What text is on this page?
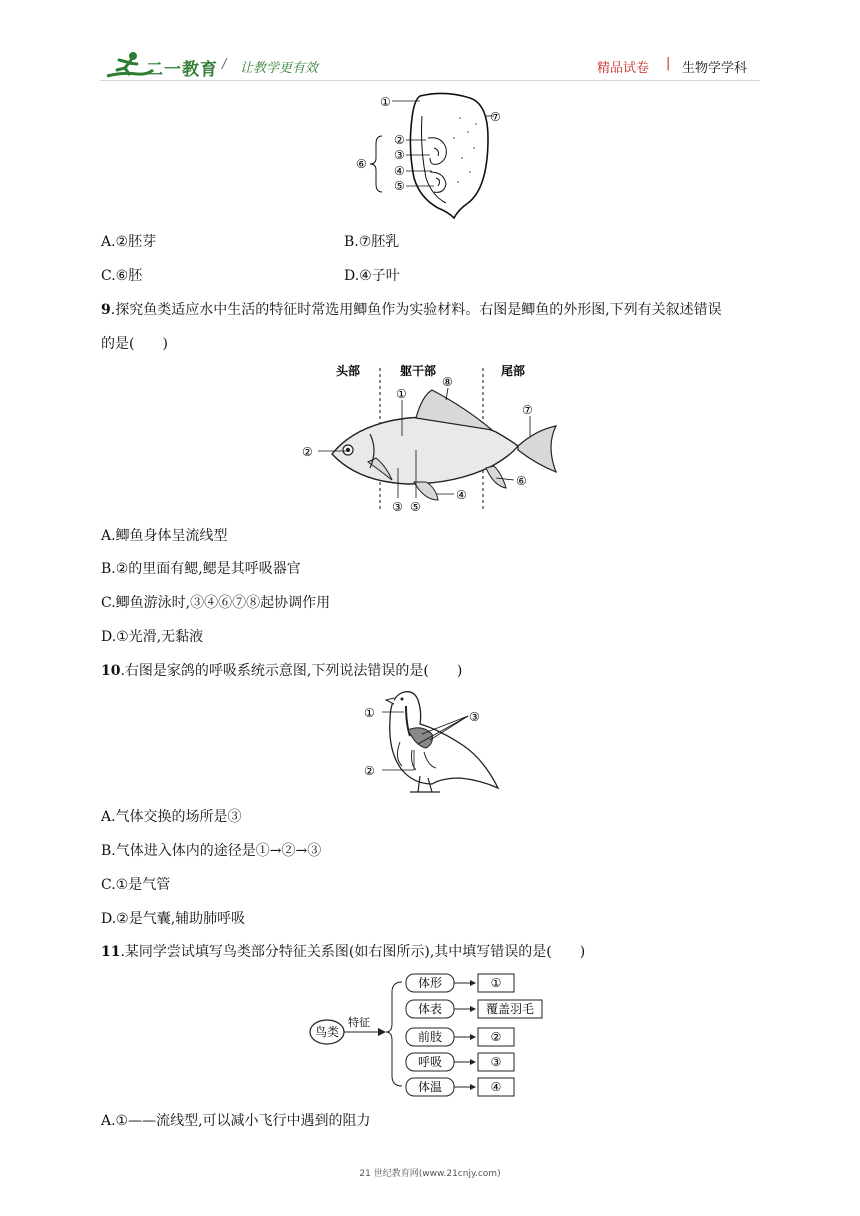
二一教育 / 让教学更有效	精品试卷 | 生物学学科
①
②
③
④
⑤
⑥
⑦
A.②胚芽	B.⑦胚乳
C.⑥胚	D.④子叶
9.探究鱼类适应水中生活的特征时常选用鲫鱼作为实验材料。右图是鲫鱼的外形图,下列有关叙述错误
的是(　　)
头部	躯干部	尾部
①
②
③
④
⑤
⑥
⑦
⑧
A.鲫鱼身体呈流线型
B.②的里面有鳃,鳃是其呼吸器官
C.鲫鱼游泳时,③④⑥⑦⑧起协调作用
D.①光滑,无黏液
10.右图是家鸽的呼吸系统示意图,下列说法错误的是(　　)
①
②
③
A.气体交换的场所是③
B.气体进入体内的途径是①→②→③
C.①是气管
D.②是气囊,辅助肺呼吸
11.某同学尝试填写鸟类部分特征关系图(如右图所示),其中填写错误的是(　　)
鸟类
特征
体形	①
体表	覆盖羽毛
前肢	②
呼吸	③
体温	④
A.①——流线型,可以减小飞行中遇到的阻力
21 世纪教育网(www.21cnjy.com)
